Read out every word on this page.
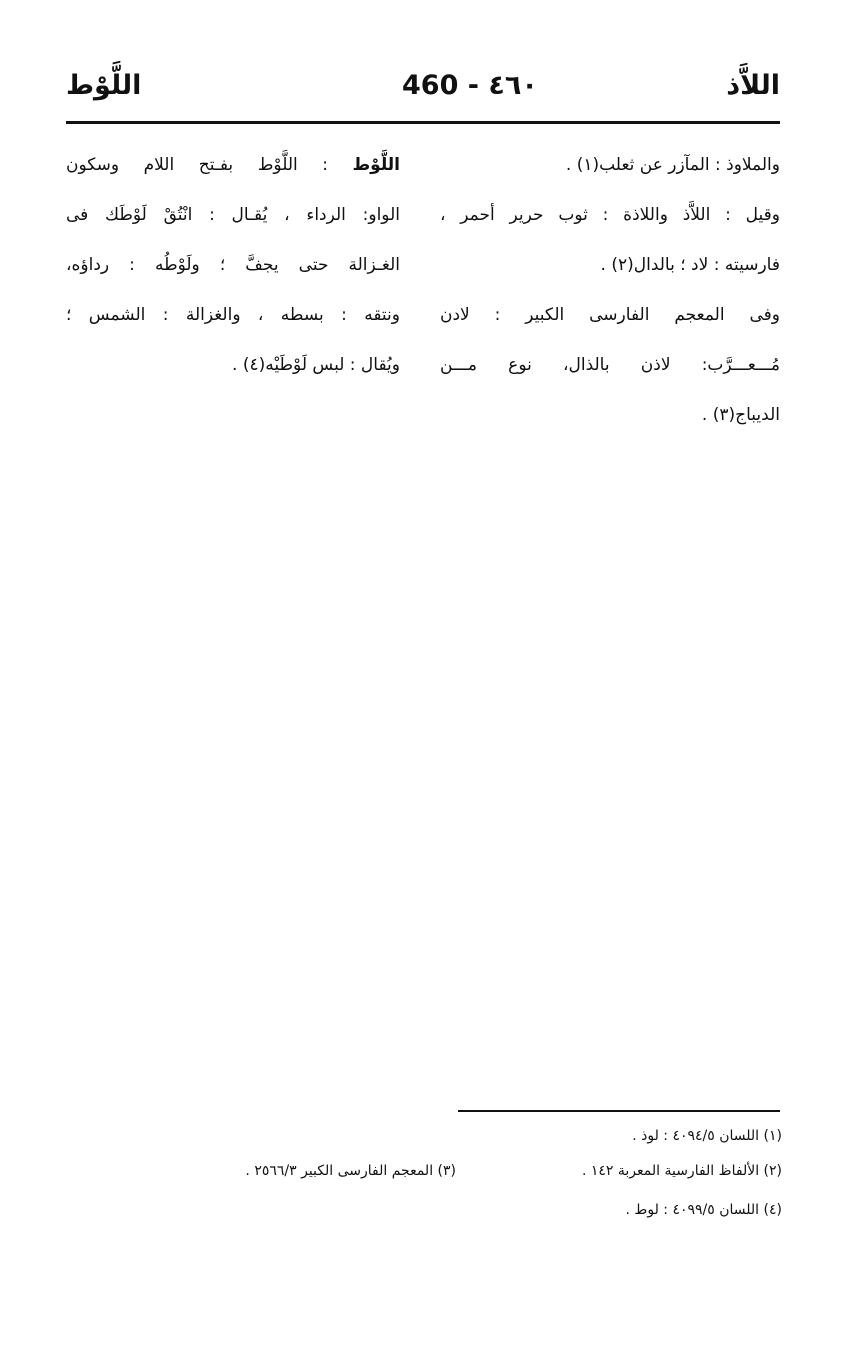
اللَّوْط	460 - ٤٦٠	اللاَّذ
والملاوذ : المآزر عن ثعلب(١) .
وقيل : اللاَّذ واللاذة : ثوب حرير أحمر ،
فارسيته : لاد ؛ بالدال(٢) .
وفى المعجم الفارسى الكبير : لادن
مُـــعـــرَّب: لاذن بالذال، نوع مـــن
الديباج(٣) .
اللَّوْط : اللَّوْط بفـتح اللام وسكون
الواو: الرداء ، يُقـال : انْتُقْ لَوْطَك فى
الغـزالة حتى يجفَّ ؛ ولَوْطُه : رداؤه،
ونتقه : بسطه ، والغزالة : الشمس ؛
ويُقال : لبس لَوْطَيْه(٤) .
(١) اللسان ٤٠٩٤/٥ : لوذ .
(٢) الألفاظ الفارسية المعربة ١٤٢ .
(٣) المعجم الفارسى الكبير ٢٥٦٦/٣ .
(٤) اللسان ٤٠٩٩/٥ : لوط .
